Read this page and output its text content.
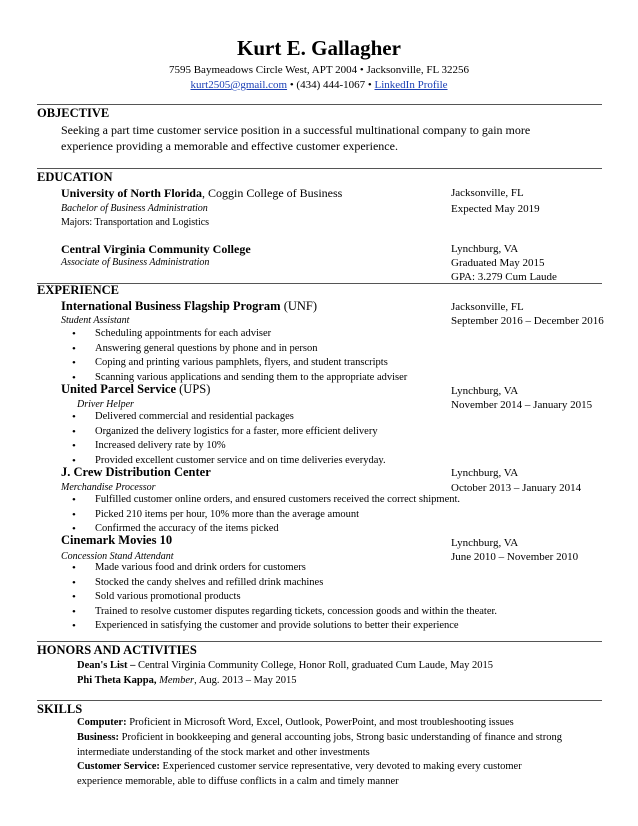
Kurt E. Gallagher
7595 Baymeadows Circle West, APT 2004 • Jacksonville, FL 32256
kurt2505@gmail.com • (434) 444-1067 • LinkedIn Profile
OBJECTIVE
Seeking a part time customer service position in a successful multinational company to gain more experience providing a memorable and effective customer experience.
EDUCATION
University of North Florida, Coggin College of Business	Jacksonville, FL
Bachelor of Business Administration	Expected May 2019
Majors: Transportation and Logistics
Central Virginia Community College	Lynchburg, VA
Associate of Business Administration	Graduated May 2015
GPA: 3.279 Cum Laude
EXPERIENCE
International Business Flagship Program (UNF)	Jacksonville, FL
Student Assistant	September 2016 – December 2016
• Scheduling appointments for each adviser
• Answering general questions by phone and in person
• Coping and printing various pamphlets, flyers, and student transcripts
• Scanning various applications and sending them to the appropriate adviser
United Parcel Service (UPS)	Lynchburg, VA
Driver Helper	November 2014 – January 2015
• Delivered commercial and residential packages
• Organized the delivery logistics for a faster, more efficient delivery
• Increased delivery rate by 10%
• Provided excellent customer service and on time deliveries everyday.
J. Crew Distribution Center	Lynchburg, VA
Merchandise Processor	October 2013 – January 2014
• Fulfilled customer online orders, and ensured customers received the correct shipment.
• Picked 210 items per hour, 10% more than the average amount
• Confirmed the accuracy of the items picked
Cinemark Movies 10	Lynchburg, VA
Concession Stand Attendant	June 2010 – November 2010
• Made various food and drink orders for customers
• Stocked the candy shelves and refilled drink machines
• Sold various promotional products
• Trained to resolve customer disputes regarding tickets, concession goods and within the theater.
• Experienced in satisfying the customer and provide solutions to better their experience
HONORS AND ACTIVITIES
Dean's List – Central Virginia Community College, Honor Roll, graduated Cum Laude, May 2015
Phi Theta Kappa, Member, Aug. 2013 – May 2015
SKILLS
Computer: Proficient in Microsoft Word, Excel, Outlook, PowerPoint, and most troubleshooting issues
Business: Proficient in bookkeeping and general accounting jobs, Strong basic understanding of finance and strong intermediate understanding of the stock market and other investments
Customer Service: Experienced customer service representative, very devoted to making every customer experience memorable, able to diffuse conflicts in a calm and timely manner
